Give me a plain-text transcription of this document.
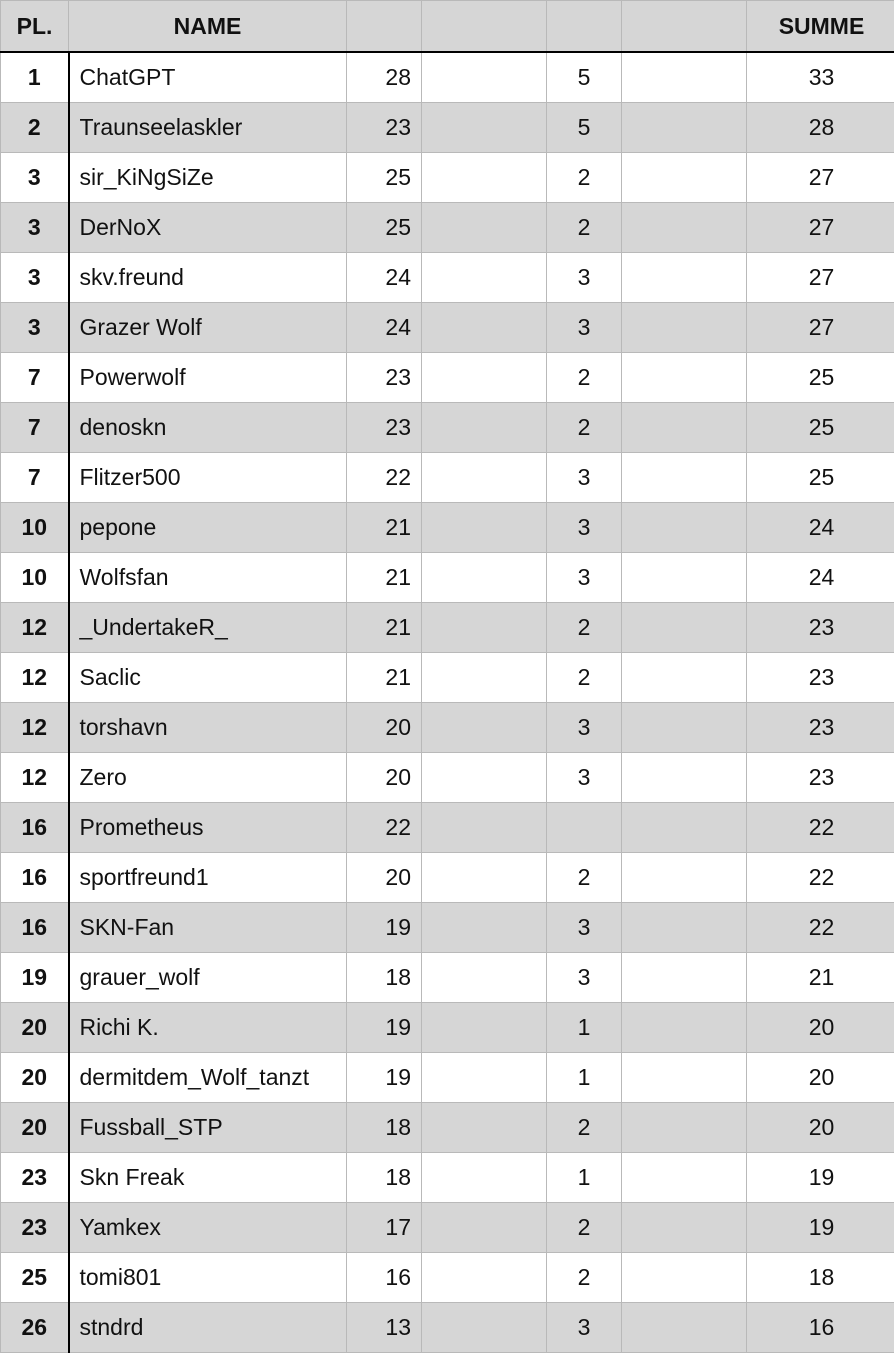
PL.	NAME					SUMME
1	ChatGPT	28		5		33
2	Traunseelaskler	23		5		28
3	sir_KiNgSiZe	25		2		27
3	DerNoX	25		2		27
3	skv.freund	24		3		27
3	Grazer Wolf	24		3		27
7	Powerwolf	23		2		25
7	denoskn	23		2		25
7	Flitzer500	22		3		25
10	pepone	21		3		24
10	Wolfsfan	21		3		24
12	_UndertakeR_	21		2		23
12	Saclic	21		2		23
12	torshavn	20		3		23
12	Zero	20		3		23
16	Prometheus	22				22
16	sportfreund1	20		2		22
16	SKN-Fan	19		3		22
19	grauer_wolf	18		3		21
20	Richi K.	19		1		20
20	dermitdem_Wolf_tanzt	19		1		20
20	Fussball_STP	18		2		20
23	Skn Freak	18		1		19
23	Yamkex	17		2		19
25	tomi801	16		2		18
26	stndrd	13		3		16
